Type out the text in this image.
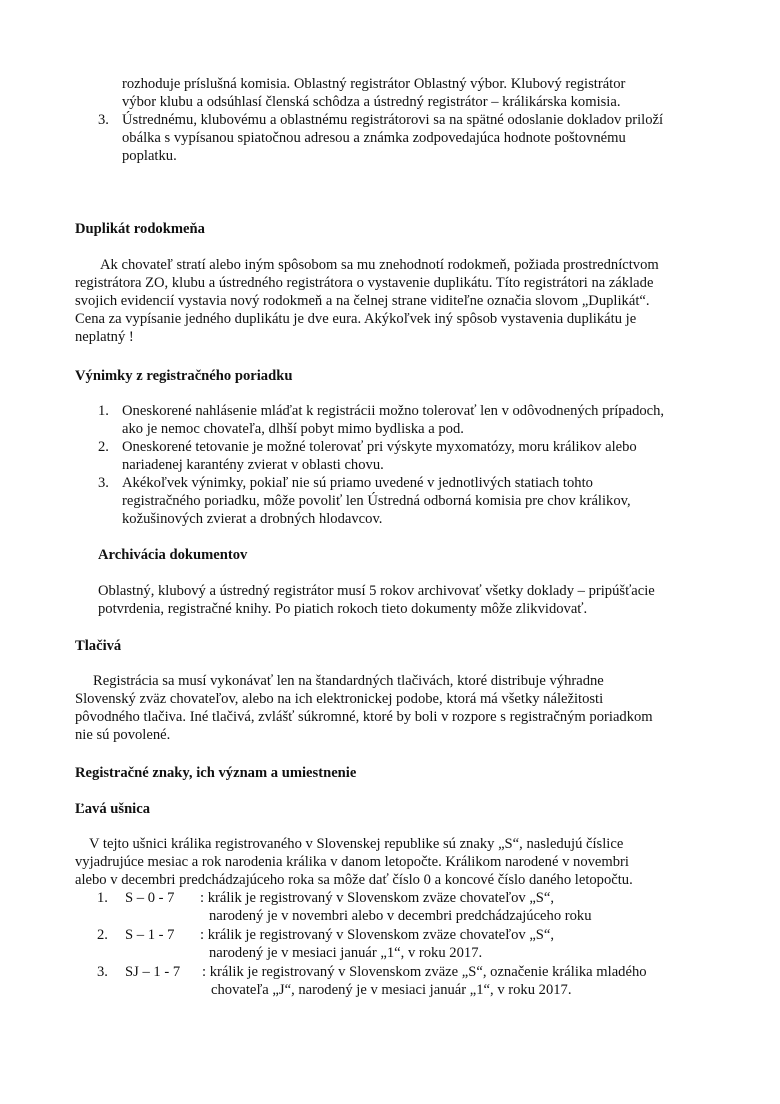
rozhoduje príslušná komisia. Oblastný registrátor Oblastný výbor. Klubový registrátor
výbor klubu a odsúhlasí členská schôdza a ústredný registrátor – králikárska komisia.
3. Ústrednému, klubovému a oblastnému registrátorovi sa na spätné odoslanie dokladov priloží
obálka s vypísanou spiatočnou adresou a známka zodpovedajúca hodnote poštovnému
poplatku.
Duplikát rodokmeňa
Ak chovateľ stratí alebo iným spôsobom sa mu znehodnotí rodokmeň, požiada prostredníctvom
registrátora ZO, klubu a ústredného registrátora o vystavenie duplikátu. Títo registrátori na základe
svojich evidencií vystavia nový rodokmeň a na čelnej strane viditeľne označia slovom „Duplikát“.
Cena za vypísanie jedného duplikátu je dve eura. Akýkoľvek iný spôsob vystavenia duplikátu je
neplatný !
Výnimky z registračného poriadku
1. Oneskorené nahlásenie mláďat k registrácii možno tolerovať len v odôvodnených prípadoch,
ako je nemoc chovateľa, dlhší pobyt mimo bydliska a pod.
2. Oneskorené tetovanie je možné tolerovať pri výskyte myxomatózy, moru králikov alebo
nariadenej karantény zvierat v oblasti chovu.
3. Akékoľvek výnimky, pokiaľ nie sú priamo uvedené v jednotlivých statiach tohto
registračného poriadku, môže povoliť len Ústredná odborná komisia pre chov králikov,
kožušinových zvierat a drobných hlodavcov.
Archivácia dokumentov
Oblastný, klubový a ústredný registrátor musí 5 rokov archivovať všetky doklady – pripúšťacie
potvrdenia, registračné knihy. Po piatich rokoch tieto dokumenty môže zlikvidovať.
Tlačivá
Registrácia sa musí vykonávať len na štandardných tlačivách, ktoré distribuje výhradne
Slovenský zväz chovateľov, alebo na ich elektronickej podobe, ktorá má všetky náležitosti
pôvodného tlačiva. Iné tlačivá, zvlášť súkromné, ktoré by boli v rozpore s registračným poriadkom
nie sú povolené.
Registračné znaky, ich význam a umiestnenie
Ľavá ušnica
V tejto ušnici králika registrovaného v Slovenskej republike sú znaky „S“, nasledujú číslice
vyjadrujúce mesiac a rok narodenia králika v danom letopočte. Králikom narodené v novembri
alebo v decembri predchádzajúceho roka sa môže dať číslo 0 a koncové číslo daného letopočtu.
1. S – 0 - 7 : králik je registrovaný v Slovenskom zväze chovateľov „S“,
narodený je v novembri alebo v decembri predchádzajúceho roku
2. S – 1 - 7 : králik je registrovaný v Slovenskom zväze chovateľov „S“,
narodený je v mesiaci január „1“, v roku 2017.
3. SJ – 1 - 7 : králik je registrovaný v Slovenskom zväze „S“, označenie králika mladého
chovateľa „J“, narodený je v mesiaci január „1“, v roku 2017.
